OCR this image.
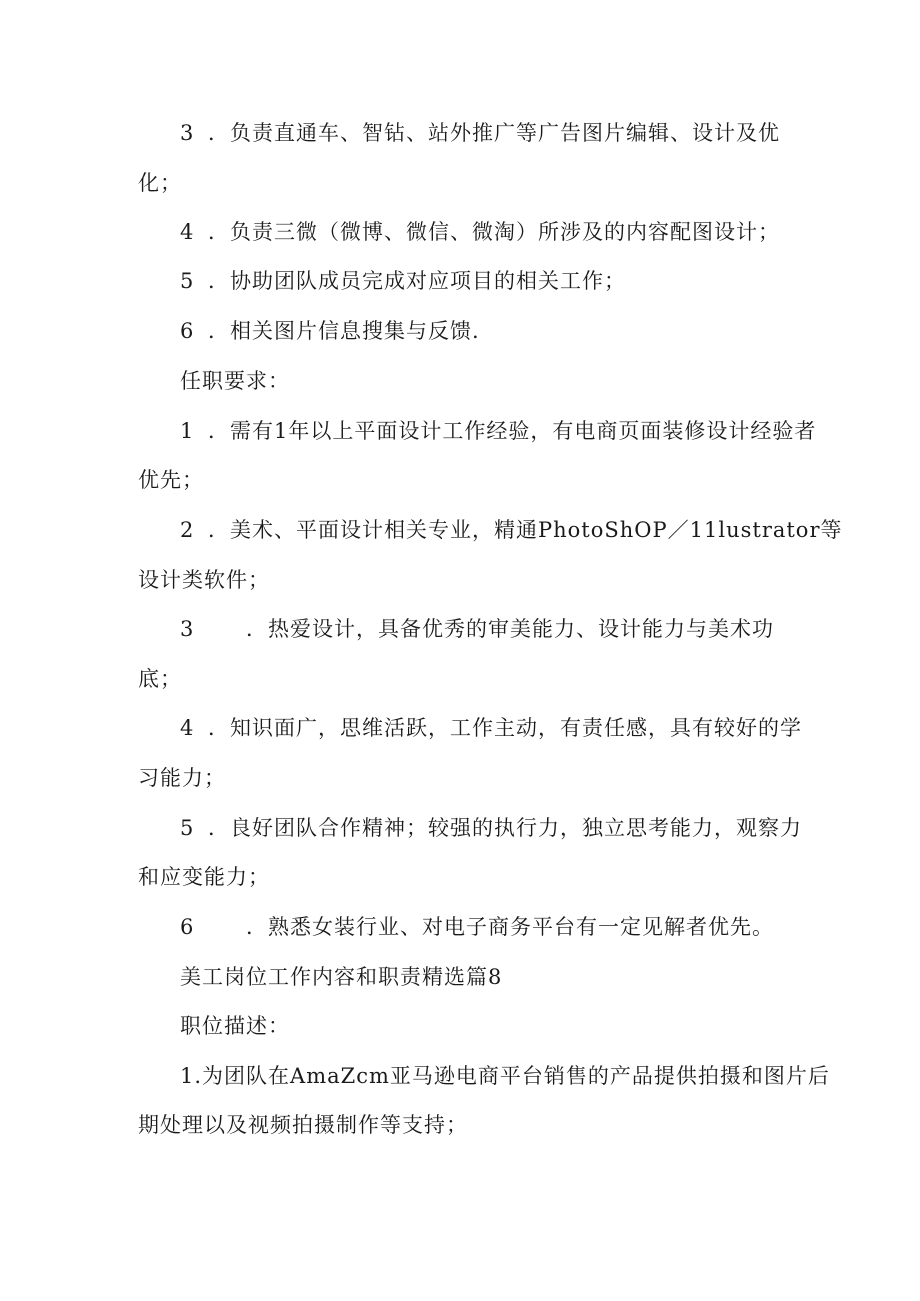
3 ．负责直通车、智钻、站外推广等广告图片编辑、设计及优
化；
4 ．负责三微（微博、微信、微淘）所涉及的内容配图设计；
5 ．协助团队成员完成对应项目的相关工作；
6 ．相关图片信息搜集与反馈.
任职要求：
1 ．需有1年以上平面设计工作经验，有电商页面装修设计经验者
优先；
2 ．美术、平面设计相关专业，精通PhotoShOP／11lustrator等
设计类软件；
3 ．热爱设计，具备优秀的审美能力、设计能力与美术功
底；
4 ．知识面广，思维活跃，工作主动，有责任感，具有较好的学
习能力；
5 ．良好团队合作精神；较强的执行力，独立思考能力，观察力
和应变能力；
6 ．熟悉女装行业、对电子商务平台有一定见解者优先。
美工岗位工作内容和职责精选篇8
职位描述：
1.为团队在AmaZcm亚马逊电商平台销售的产品提供拍摄和图片后
期处理以及视频拍摄制作等支持；
